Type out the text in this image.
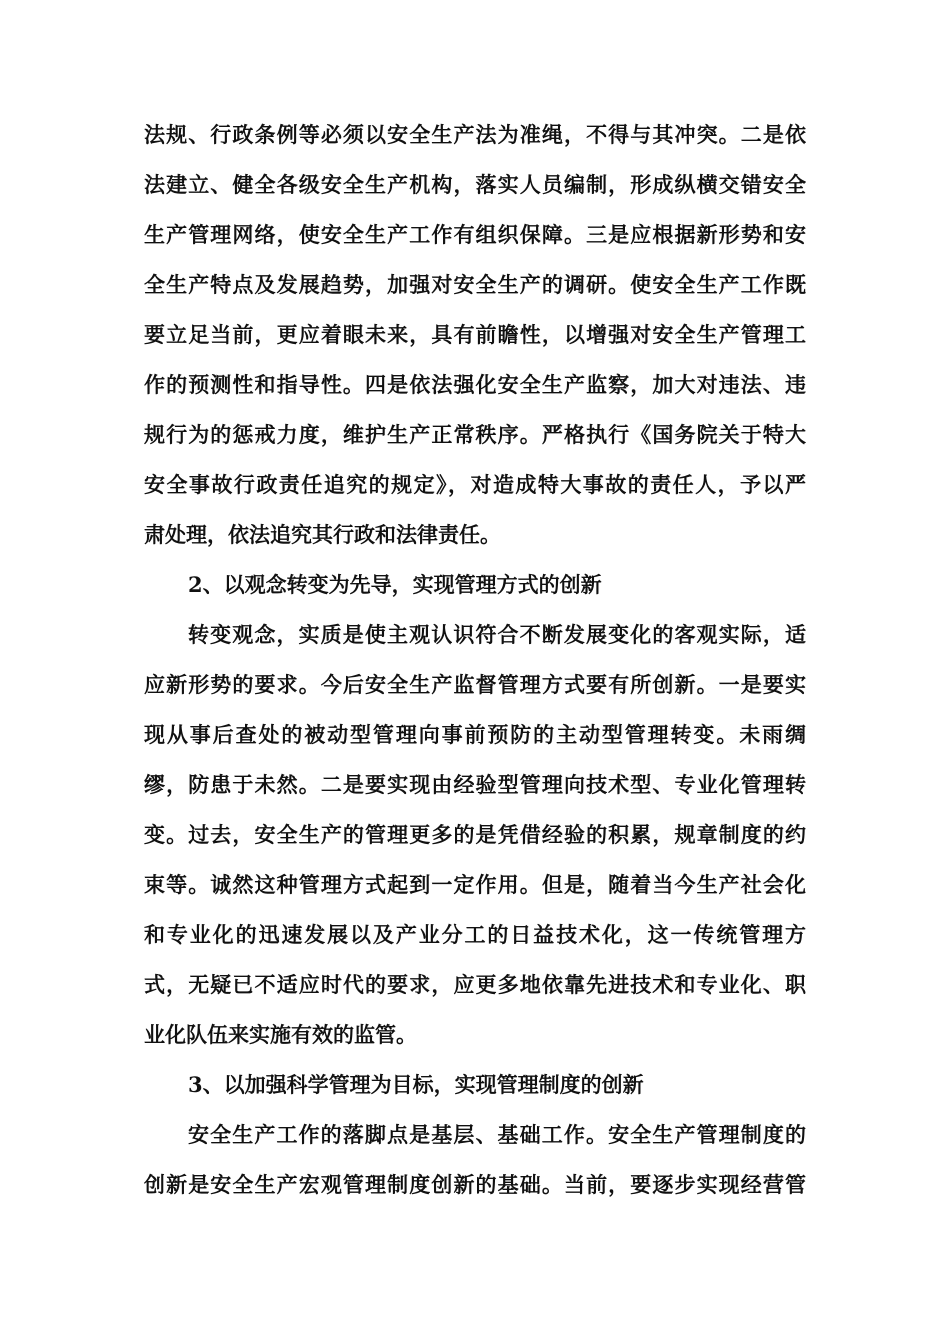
法规、行政条例等必须以安全生产法为准绳，不得与其冲突。二是依
法建立、健全各级安全生产机构，落实人员编制，形成纵横交错安全
生产管理网络，使安全生产工作有组织保障。三是应根据新形势和安
全生产特点及发展趋势，加强对安全生产的调研。使安全生产工作既
要立足当前，更应着眼未来，具有前瞻性，以增强对安全生产管理工
作的预测性和指导性。四是依法强化安全生产监察，加大对违法、违
规行为的惩戒力度，维护生产正常秩序。严格执行《国务院关于特大
安全事故行政责任追究的规定》，对造成特大事故的责任人，予以严
肃处理，依法追究其行政和法律责任。
2、以观念转变为先导，实现管理方式的创新
转变观念，实质是使主观认识符合不断发展变化的客观实际，适
应新形势的要求。今后安全生产监督管理方式要有所创新。一是要实
现从事后查处的被动型管理向事前预防的主动型管理转变。未雨绸
缪，防患于未然。二是要实现由经验型管理向技术型、专业化管理转
变。过去，安全生产的管理更多的是凭借经验的积累，规章制度的约
束等。诚然这种管理方式起到一定作用。但是，随着当今生产社会化
和专业化的迅速发展以及产业分工的日益技术化，这一传统管理方
式，无疑已不适应时代的要求，应更多地依靠先进技术和专业化、职
业化队伍来实施有效的监管。
3、以加强科学管理为目标，实现管理制度的创新
安全生产工作的落脚点是基层、基础工作。安全生产管理制度的
创新是安全生产宏观管理制度创新的基础。当前，要逐步实现经营管
